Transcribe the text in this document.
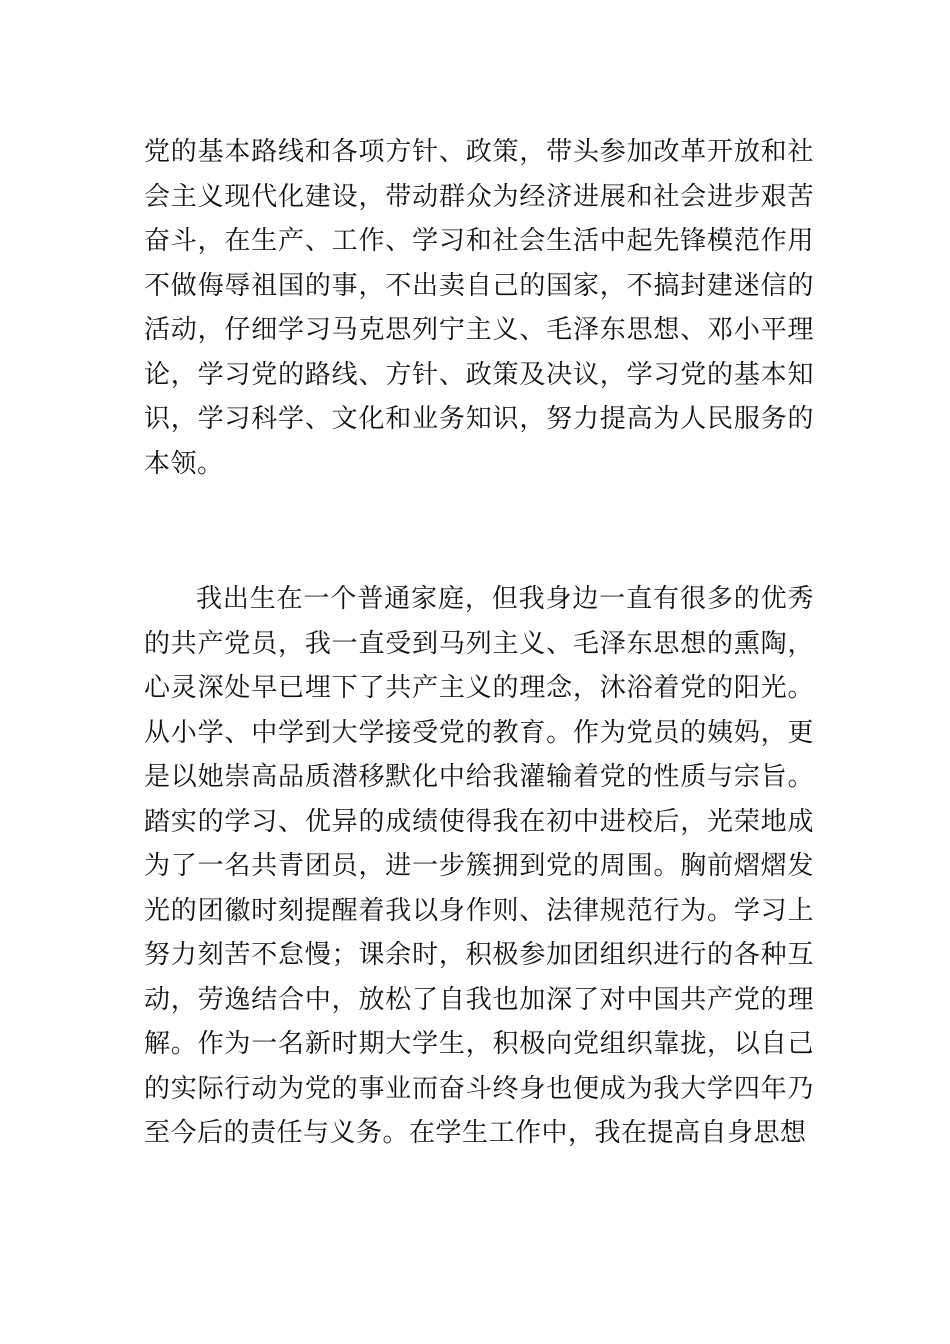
党的基本路线和各项方针、政策，带头参加改革开放和社会主义现代化建设，带动群众为经济进展和社会进步艰苦奋斗，在生产、工作、学习和社会生活中起先锋模范作用不做侮辱祖国的事，不出卖自己的国家，不搞封建迷信的活动，仔细学习马克思列宁主义、毛泽东思想、邓小平理论，学习党的路线、方针、政策及决议，学习党的基本知识，学习科学、文化和业务知识，努力提高为人民服务的本领。

我出生在一个普通家庭，但我身边一直有很多的优秀的共产党员，我一直受到马列主义、毛泽东思想的熏陶，心灵深处早已埋下了共产主义的理念，沐浴着党的阳光。从小学、中学到大学接受党的教育。作为党员的姨妈，更是以她崇高品质潜移默化中给我灌输着党的性质与宗旨。踏实的学习、优异的成绩使得我在初中进校后，光荣地成为了一名共青团员，进一步簇拥到党的周围。胸前熠熠发光的团徽时刻提醒着我以身作则、法律规范行为。学习上努力刻苦不怠慢；课余时，积极参加团组织进行的各种互动，劳逸结合中，放松了自我也加深了对中国共产党的理解。作为一名新时期大学生，积极向党组织靠拢，以自己的实际行动为党的事业而奋斗终身也便成为我大学四年乃至今后的责任与义务。在学生工作中，我在提高自身思想
